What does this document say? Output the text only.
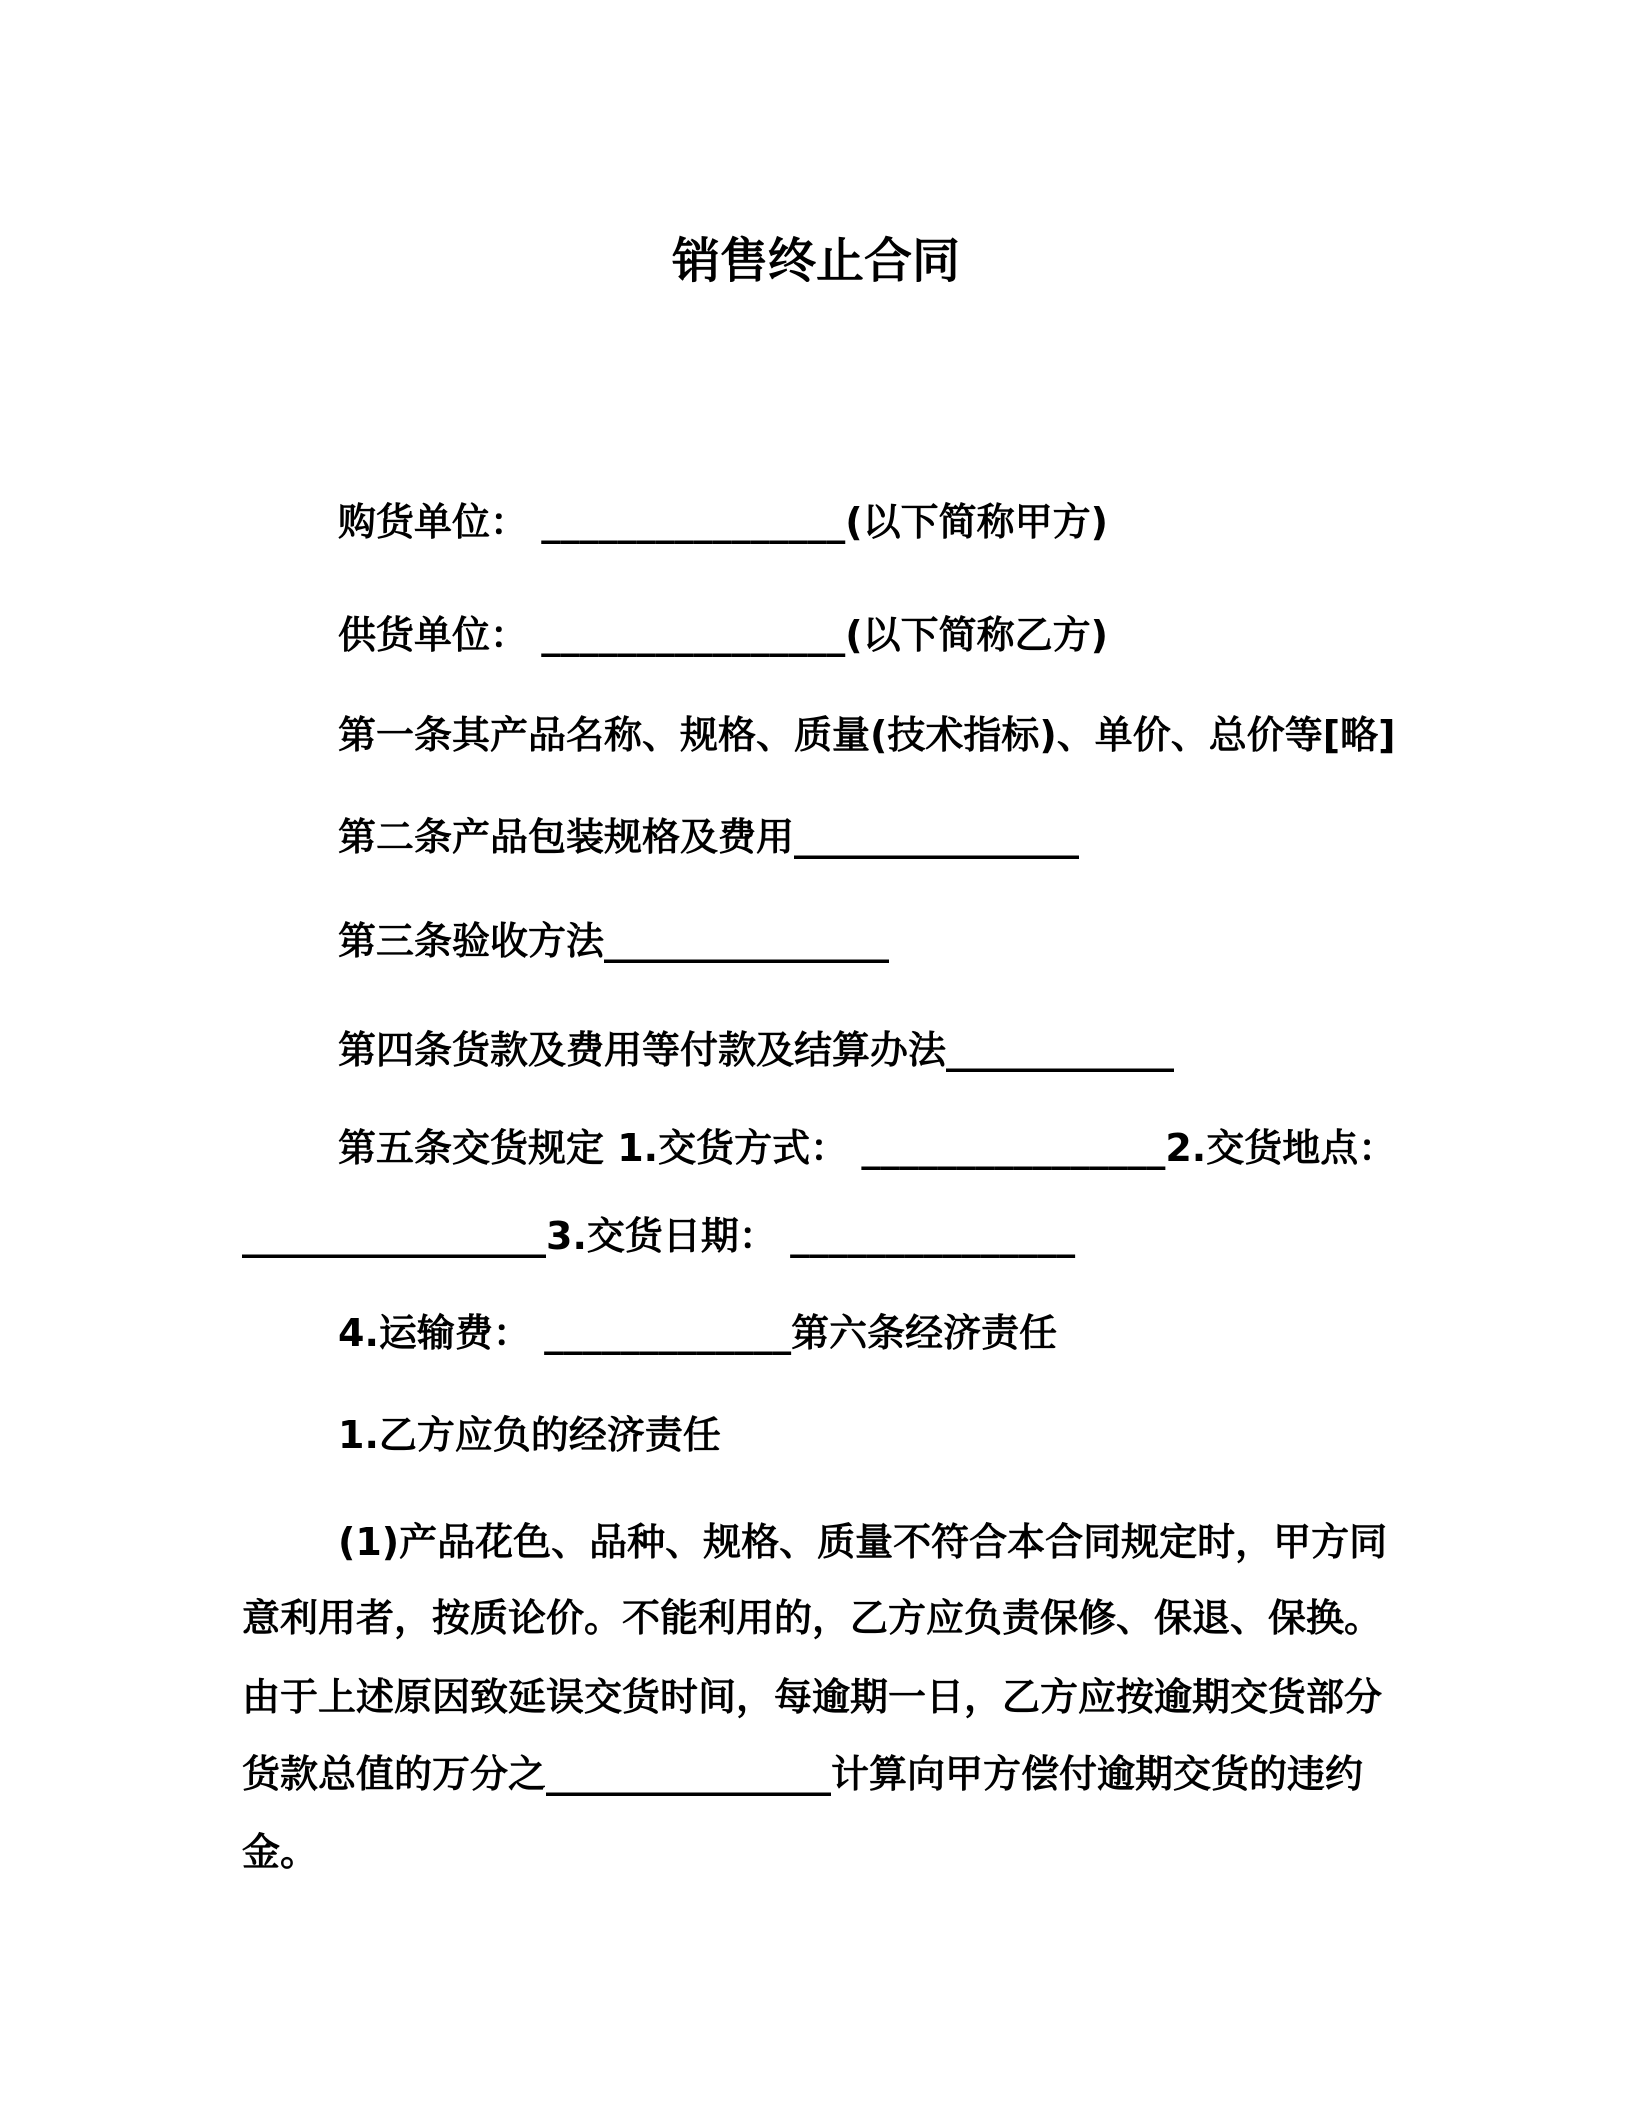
销售终止合同
购货单位： ________________(以下简称甲方)
供货单位： ________________(以下简称乙方)
第一条其产品名称、规格、质量(技术指标)、单价、总价等[略]
第二条产品包装规格及费用_______________
第三条验收方法_______________
第四条货款及费用等付款及结算办法____________
第五条交货规定 1.交货方式： ________________2.交货地点：
________________3.交货日期： _______________
4.运输费： _____________第六条经济责任
1.乙方应负的经济责任
(1)产品花色、品种、规格、质量不符合本合同规定时，甲方同
意利用者，按质论价。不能利用的，乙方应负责保修、保退、保换。
由于上述原因致延误交货时间，每逾期一日，乙方应按逾期交货部分
货款总值的万分之_______________计算向甲方偿付逾期交货的违约
金。
